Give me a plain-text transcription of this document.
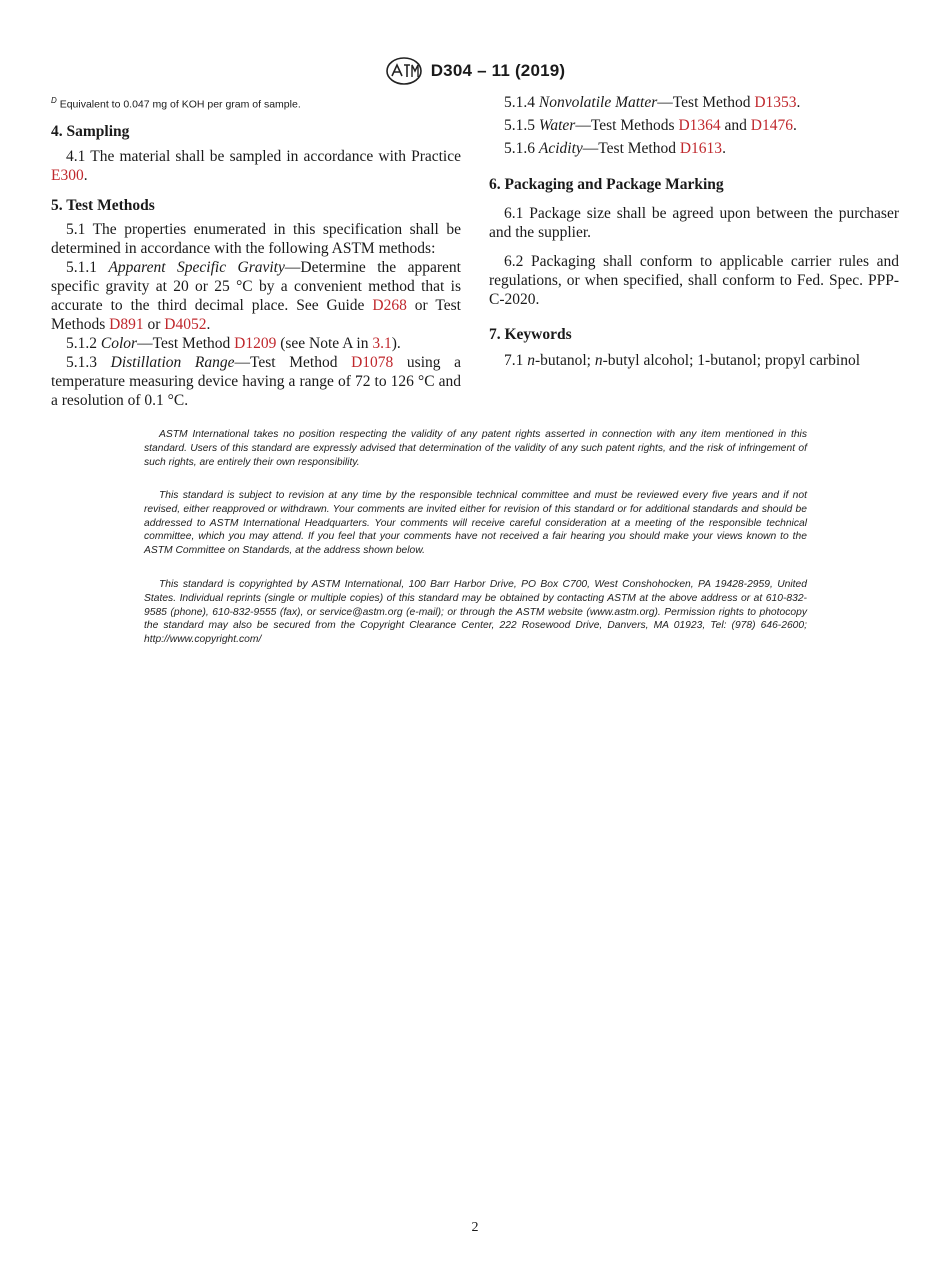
D304 – 11 (2019)

$^D$ Equivalent to 0.047 mg of KOH per gram of sample.

4. Sampling

4.1 The material shall be sampled in accordance with Practice E300.

5. Test Methods

5.1 The properties enumerated in this specification shall be determined in accordance with the following ASTM methods:

5.1.1 Apparent Specific Gravity—Determine the apparent specific gravity at 20 or 25 °C by a convenient method that is accurate to the third decimal place. See Guide D268 or Test Methods D891 or D4052.

5.1.2 Color—Test Method D1209 (see Note A in 3.1).

5.1.3 Distillation Range—Test Method D1078 using a temperature measuring device having a range of 72 to 126 °C and a resolution of 0.1 °C.

5.1.4 Nonvolatile Matter—Test Method D1353.

5.1.5 Water—Test Methods D1364 and D1476.

5.1.6 Acidity—Test Method D1613.

6. Packaging and Package Marking

6.1 Package size shall be agreed upon between the purchaser and the supplier.

6.2 Packaging shall conform to applicable carrier rules and regulations, or when specified, shall conform to Fed. Spec. PPP-C-2020.

7. Keywords

7.1 n-butanol; n-butyl alcohol; 1-butanol; propyl carbinol

ASTM International takes no position respecting the validity of any patent rights asserted in connection with any item mentioned in this standard. Users of this standard are expressly advised that determination of the validity of any such patent rights, and the risk of infringement of such rights, are entirely their own responsibility.

This standard is subject to revision at any time by the responsible technical committee and must be reviewed every five years and if not revised, either reapproved or withdrawn. Your comments are invited either for revision of this standard or for additional standards and should be addressed to ASTM International Headquarters. Your comments will receive careful consideration at a meeting of the responsible technical committee, which you may attend. If you feel that your comments have not received a fair hearing you should make your views known to the ASTM Committee on Standards, at the address shown below.

This standard is copyrighted by ASTM International, 100 Barr Harbor Drive, PO Box C700, West Conshohocken, PA 19428-2959, United States. Individual reprints (single or multiple copies) of this standard may be obtained by contacting ASTM at the above address or at 610-832-9585 (phone), 610-832-9555 (fax), or service@astm.org (e-mail); or through the ASTM website (www.astm.org). Permission rights to photocopy the standard may also be secured from the Copyright Clearance Center, 222 Rosewood Drive, Danvers, MA 01923, Tel: (978) 646-2600; http://www.copyright.com/

2
